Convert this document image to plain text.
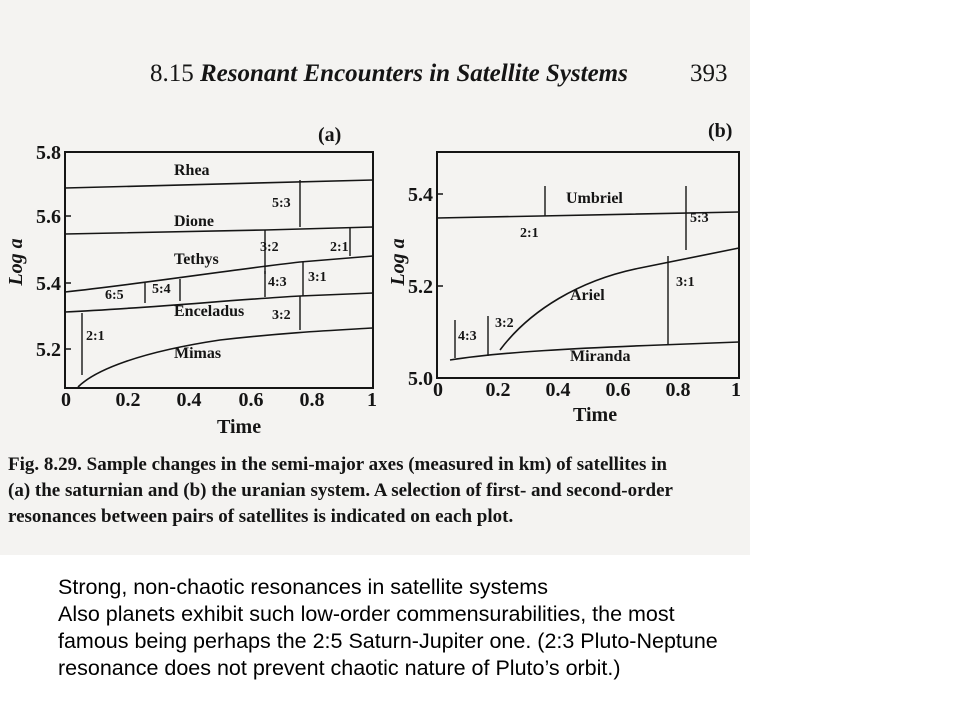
8.15 Resonant Encounters in Satellite Systems 393
(a)
Log a
Time
5.8
5.6
5.4
5.2
0 0.2 0.4 0.6 0.8 1
Rhea
Dione
Tethys
Enceladus
Mimas
5:3
3:2	2:1
6:5 5:4	4:3 3:1
3:2
2:1
(b)
Log a
Time
5.4
5.2
5.0 0 0.2 0.4 0.6 0.8 1
Umbriel
Ariel
Miranda
2:1
5:3
3:1
3:2
4:3
Fig. 8.29. Sample changes in the semi-major axes (measured in km) of satellites in
(a) the saturnian and (b) the uranian system. A selection of first- and second-order
resonances between pairs of satellites is indicated on each plot.
Strong, non-chaotic resonances in satellite systems
Also planets exhibit such low-order commensurabilities, the most
famous being perhaps the 2:5 Saturn-Jupiter one. (2:3 Pluto-Neptune
resonance does not prevent chaotic nature of Pluto’s orbit.)
